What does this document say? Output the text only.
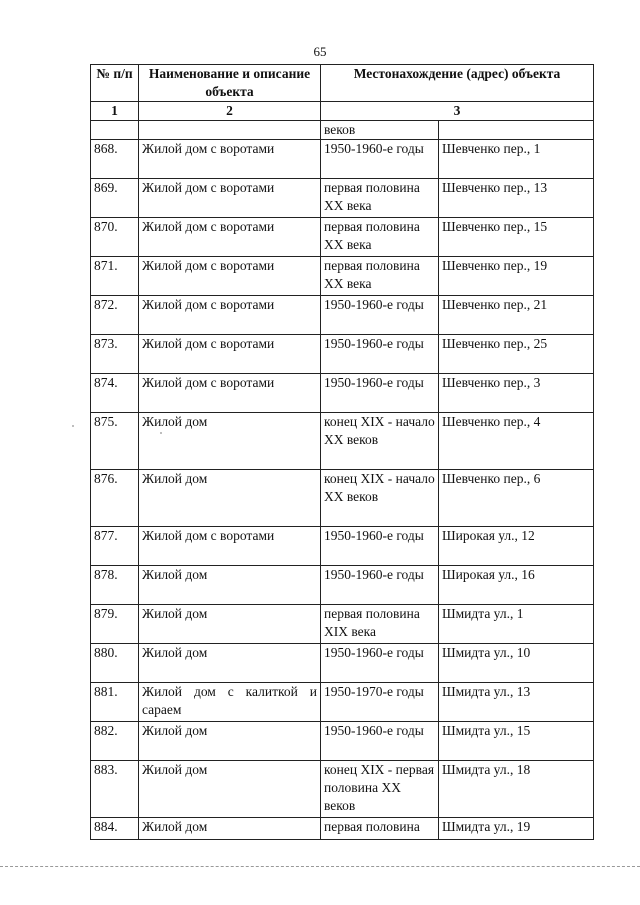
65
№ п/п	Наименование и описание объекта	Местонахождение (адрес) объекта	
1	2	3	
		веков	
868.	Жилой дом с воротами	1950-1960-е годы	Шевченко пер., 1
869.	Жилой дом с воротами	первая половина XX века	Шевченко пер., 13
870.	Жилой дом с воротами	первая половина XX века	Шевченко пер., 15
871.	Жилой дом с воротами	первая половина XX века	Шевченко пер., 19
872.	Жилой дом с воротами	1950-1960-е годы	Шевченко пер., 21
873.	Жилой дом с воротами	1950-1960-е годы	Шевченко пер., 25
874.	Жилой дом с воротами	1950-1960-е годы	Шевченко пер., 3
875.	Жилой дом	конец XIX - начало XX веков	Шевченко пер., 4
876.	Жилой дом	конец XIX - начало XX веков	Шевченко пер., 6
877.	Жилой дом с воротами	1950-1960-е годы	Широкая ул., 12
878.	Жилой дом	1950-1960-е годы	Широкая ул., 16
879.	Жилой дом	первая половина XIX века	Шмидта ул., 1
880.	Жилой дом	1950-1960-е годы	Шмидта ул., 10
881.	Жилой дом с калиткой и сараем	1950-1970-е годы	Шмидта ул., 13
882.	Жилой дом	1950-1960-е годы	Шмидта ул., 15
883.	Жилой дом	конец XIX - первая половина XX веков	Шмидта ул., 18
884.	Жилой дом	первая половина	Шмидта ул., 19
